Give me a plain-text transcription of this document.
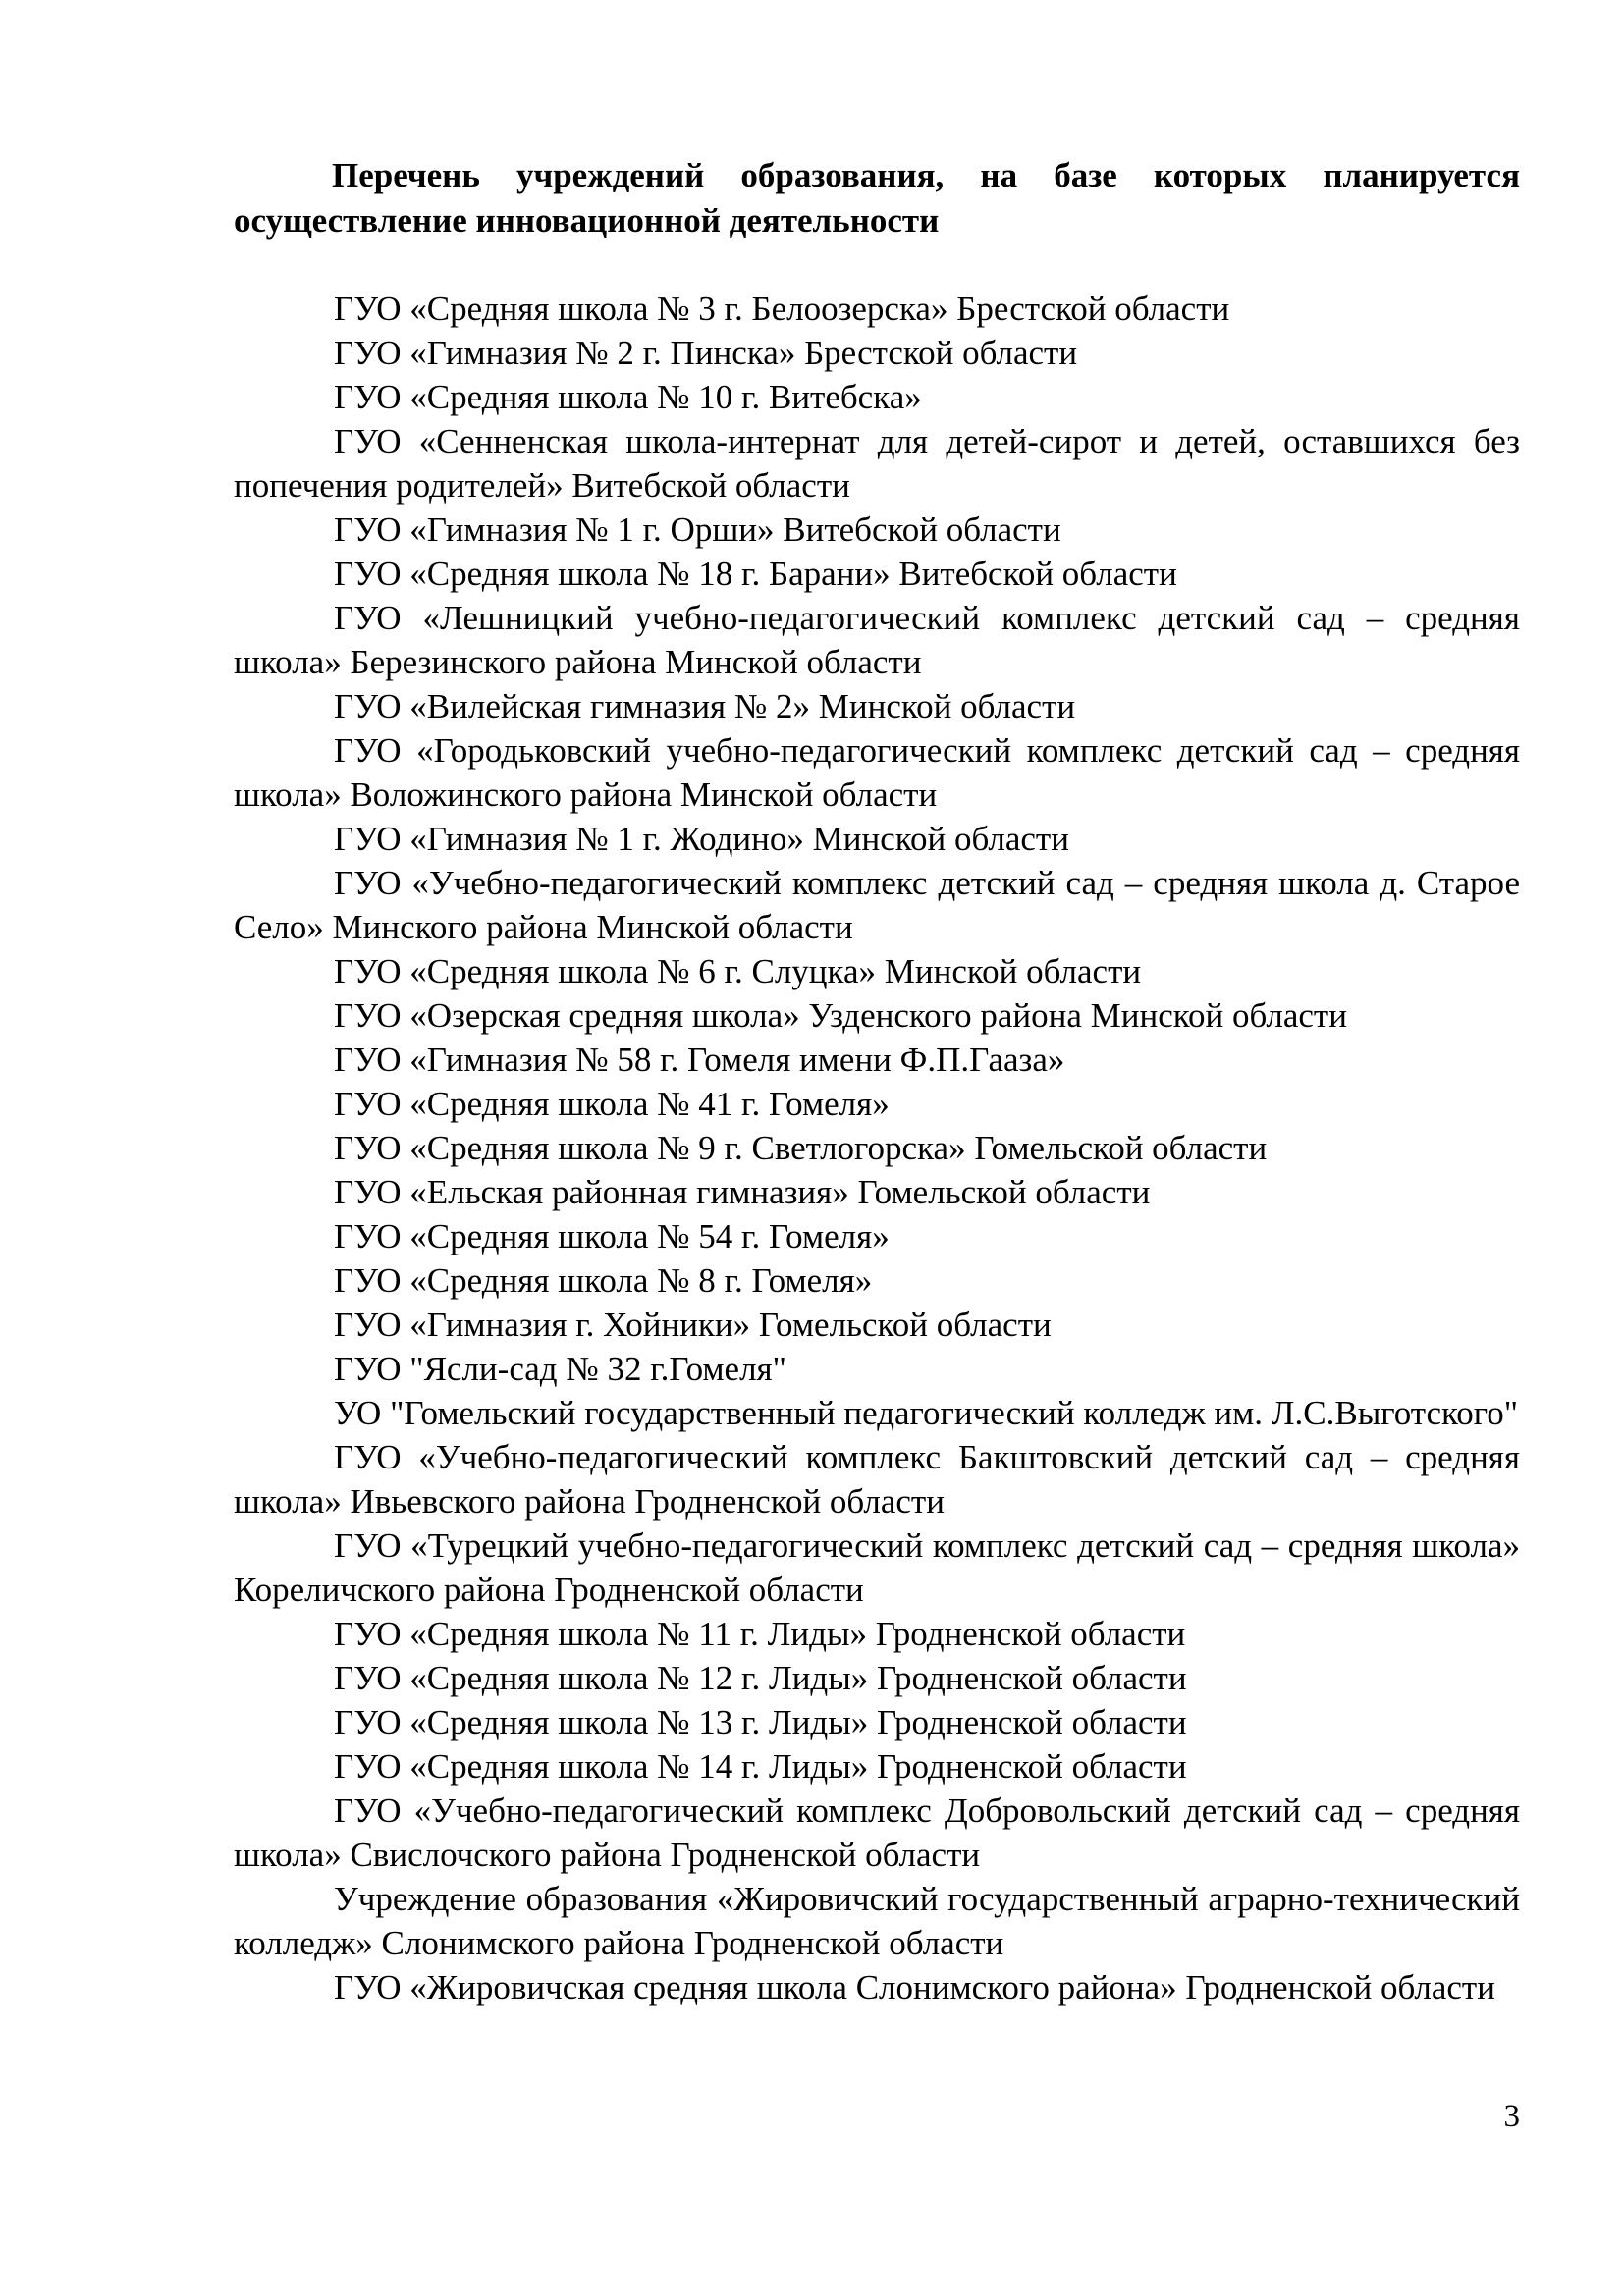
Перечень учреждений образования, на базе которых планируется осуществление инновационной деятельности

ГУО «Средняя школа № 3 г. Белоозерска» Брестской области
ГУО «Гимназия № 2 г. Пинска» Брестской области
ГУО «Средняя школа № 10 г. Витебска»
ГУО «Сенненская школа-интернат для детей-сирот и детей, оставшихся без попечения родителей» Витебской области
ГУО «Гимназия № 1 г. Орши» Витебской области
ГУО «Средняя школа № 18 г. Барани» Витебской области
ГУО «Лешницкий учебно-педагогический комплекс детский сад – средняя школа» Березинского района Минской области
ГУО «Вилейская гимназия № 2» Минской области
ГУО «Городьковский учебно-педагогический комплекс детский сад – средняя школа» Воложинского района Минской области
ГУО «Гимназия № 1 г. Жодино» Минской области
ГУО «Учебно-педагогический комплекс детский сад – средняя школа д. Старое Село» Минского района Минской области
ГУО «Средняя школа № 6 г. Слуцка» Минской области
ГУО «Озерская средняя школа» Узденского района Минской области
ГУО «Гимназия № 58 г. Гомеля имени Ф.П.Гааза»
ГУО «Средняя школа № 41 г. Гомеля»
ГУО «Средняя школа № 9 г. Светлогорска» Гомельской области
ГУО «Ельская районная гимназия» Гомельской области
ГУО «Средняя школа № 54 г. Гомеля»
ГУО «Средняя школа № 8 г. Гомеля»
ГУО «Гимназия г. Хойники» Гомельской области
ГУО "Ясли-сад № 32 г.Гомеля"
УО "Гомельский государственный педагогический колледж им. Л.С.Выготского"
ГУО «Учебно-педагогический комплекс Бакштовский детский сад – средняя школа» Ивьевского района Гродненской области
ГУО «Турецкий учебно-педагогический комплекс детский сад – средняя школа» Кореличского района Гродненской области
ГУО «Средняя школа № 11 г. Лиды» Гродненской области
ГУО «Средняя школа № 12 г. Лиды» Гродненской области
ГУО «Средняя школа № 13 г. Лиды» Гродненской области
ГУО «Средняя школа № 14 г. Лиды» Гродненской области
ГУО «Учебно-педагогический комплекс Добровольский детский сад – средняя школа» Свислочского района Гродненской области
Учреждение образования «Жировичский государственный аграрно-технический колледж» Слонимского района Гродненской области
ГУО «Жировичская средняя школа Слонимского района» Гродненской области
3
